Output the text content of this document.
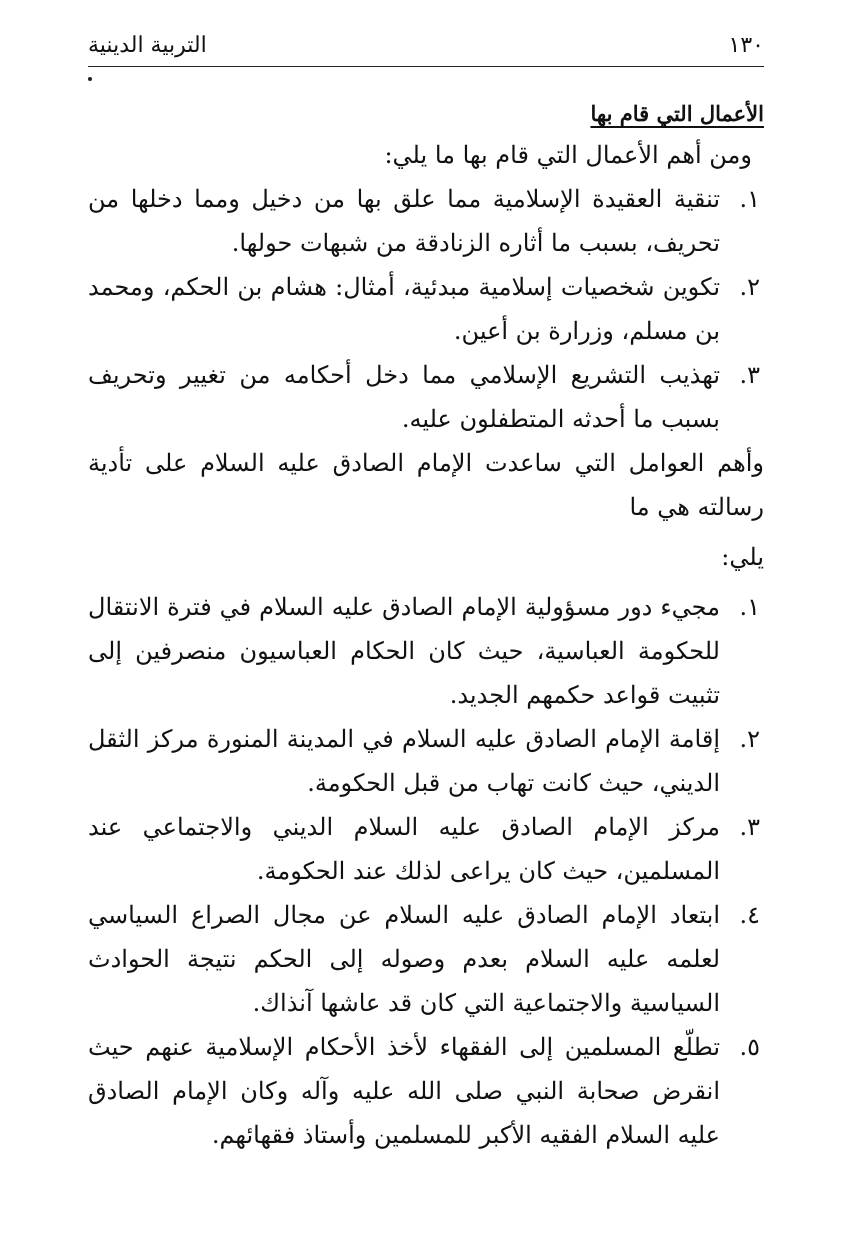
١٣٠
التربية الدينية
الأعمال التي قام بها

ومن أهم الأعمال التي قام بها ما يلي:

١.
تنقية العقيدة الإسلامية مما علق بها من دخيل ومما دخلها من تحريف، بسبب ما أثاره الزنادقة من شبهات حولها.
٢.
تكوين شخصيات إسلامية مبدئية، أمثال: هشام بن الحكم، ومحمد بن مسلم، وزرارة بن أعين.
٣.
تهذيب التشريع الإسلامي مما دخل أحكامه من تغيير وتحريف بسبب ما أحدثه المتطفلون عليه.

وأهم العوامل التي ساعدت الإمام الصادق عليه السلام على تأدية رسالته هي ما

يلي:

١.
مجيء دور مسؤولية الإمام الصادق عليه السلام في فترة الانتقال للحكومة العباسية، حيث كان الحكام العباسيون منصرفين إلى تثبيت قواعد حكمهم الجديد.
٢.
إقامة الإمام الصادق عليه السلام في المدينة المنورة مركز الثقل الديني، حيث كانت تهاب من قبل الحكومة.
٣.
مركز الإمام الصادق عليه السلام الديني والاجتماعي عند المسلمين، حيث كان يراعى لذلك عند الحكومة.
٤.
ابتعاد الإمام الصادق عليه السلام عن مجال الصراع السياسي لعلمه عليه السلام بعدم وصوله إلى الحكم نتيجة الحوادث السياسية والاجتماعية التي كان قد عاشها آنذاك.
٥.
تطلّع المسلمين إلى الفقهاء لأخذ الأحكام الإسلامية عنهم حيث انقرض صحابة النبي صلى الله عليه وآله وكان الإمام الصادق عليه السلام الفقيه الأكبر للمسلمين وأستاذ فقهائهم.
